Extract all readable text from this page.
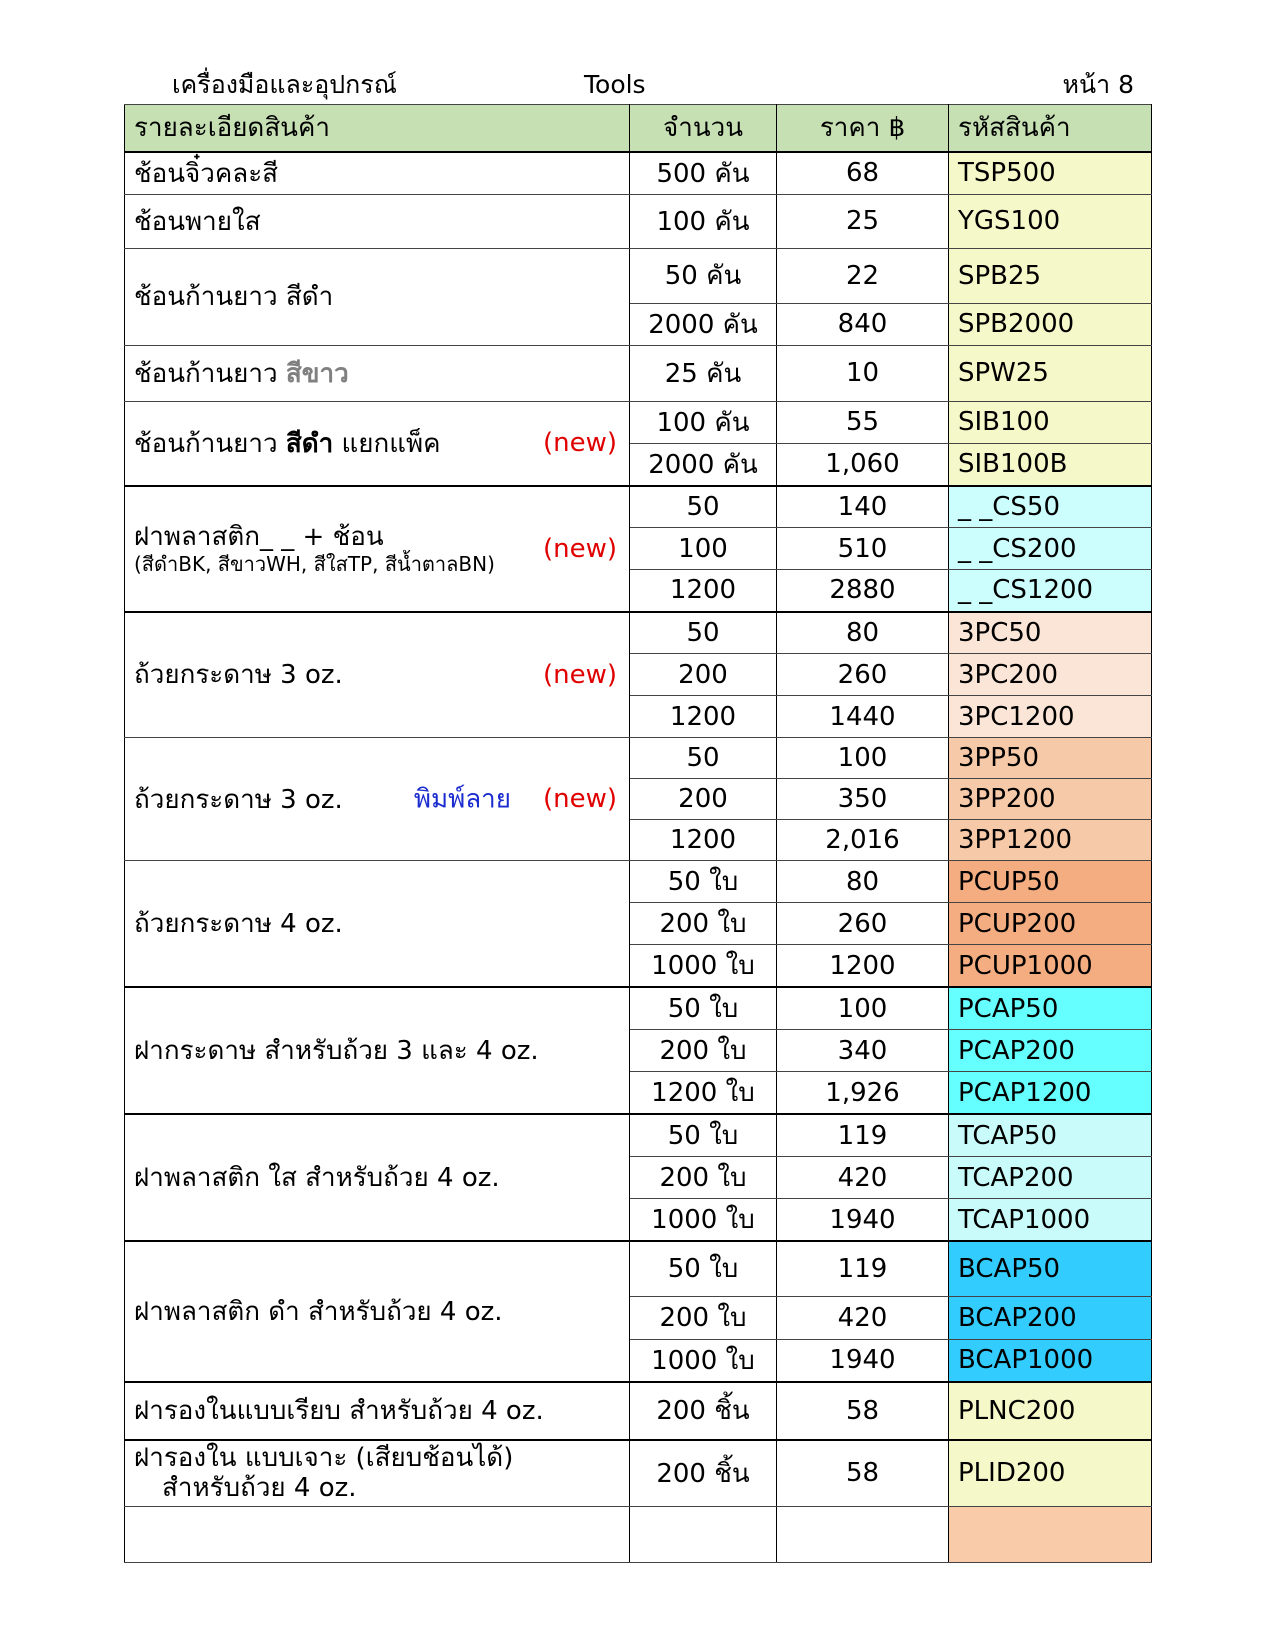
เครื่องมือและอุปกรณ์	Tools	หน้า 8
รายละเอียดสินค้า	จำนวน	ราคา ฿	รหัสสินค้า
ช้อนจิ๋วคละสี	500 คัน	68	TSP500
ช้อนพายใส	100 คัน	25	YGS100
ช้อนก้านยาว สีดำ	50 คัน	22	SPB25
	2000 คัน	840	SPB2000
ช้อนก้านยาว สีขาว	25 คัน	10	SPW25
ช้อนก้านยาว สีดำ แยกแพ็ค (new)	100 คัน	55	SIB100
	2000 คัน	1,060	SIB100B

ฝาพลาสติก_ _ + ช้อน
(สีดำBK, สีขาวWH, สีใสTP, สีน้ำตาลBN) (new)	50	140	_ _CS50
	100	510	_ _CS200
	1200	2880	_ _CS1200
ถ้วยกระดาษ 3 oz. (new)	50	80	3PC50
	200	260	3PC200
	1200	1440	3PC1200
ถ้วยกระดาษ 3 oz. พิมพ์ลาย (new)	50	100	3PP50
	200	350	3PP200
	1200	2,016	3PP1200
ถ้วยกระดาษ 4 oz.	50 ใบ	80	PCUP50
	200 ใบ	260	PCUP200
	1000 ใบ	1200	PCUP1000
ฝากระดาษ สำหรับถ้วย 3 และ 4 oz.	50 ใบ	100	PCAP50
	200 ใบ	340	PCAP200
	1200 ใบ	1,926	PCAP1200
ฝาพลาสติก ใส สำหรับถ้วย 4 oz.	50 ใบ	119	TCAP50
	200 ใบ	420	TCAP200
	1000 ใบ	1940	TCAP1000
ฝาพลาสติก ดำ สำหรับถ้วย 4 oz.	50 ใบ	119	BCAP50
	200 ใบ	420	BCAP200
	1000 ใบ	1940	BCAP1000
ฝารองในแบบเรียบ สำหรับถ้วย 4 oz.	200 ชิ้น	58	PLNC200

ฝารองใน แบบเจาะ (เสียบช้อนได้)
สำหรับถ้วย 4 oz.	200 ชิ้น	58	PLID200
